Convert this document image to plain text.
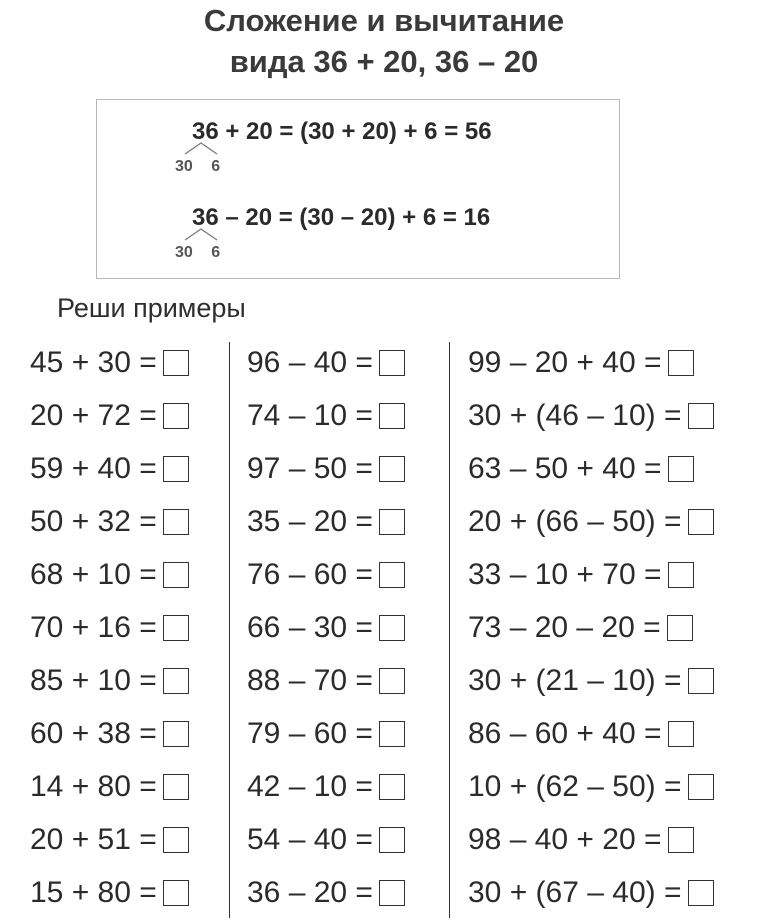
Сложение и вычитание
вида 36 + 20, 36 – 20
36 + 20 = (30 + 20) + 6 = 56
30 6
36 – 20 = (30 – 20) + 6 = 16
30 6
Реши примеры
45 + 30 =
20 + 72 =
59 + 40 =
50 + 32 =
68 + 10 =
70 + 16 =
85 + 10 =
60 + 38 =
14 + 80 =
20 + 51 =
15 + 80 =
96 – 40 =
74 – 10 =
97 – 50 =
35 – 20 =
76 – 60 =
66 – 30 =
88 – 70 =
79 – 60 =
42 – 10 =
54 – 40 =
36 – 20 =
99 – 20 + 40 =
30 + (46 – 10) =
63 – 50 + 40 =
20 + (66 – 50) =
33 – 10 + 70 =
73 – 20 – 20 =
30 + (21 – 10) =
86 – 60 + 40 =
10 + (62 – 50) =
98 – 40 + 20 =
30 + (67 – 40) =
